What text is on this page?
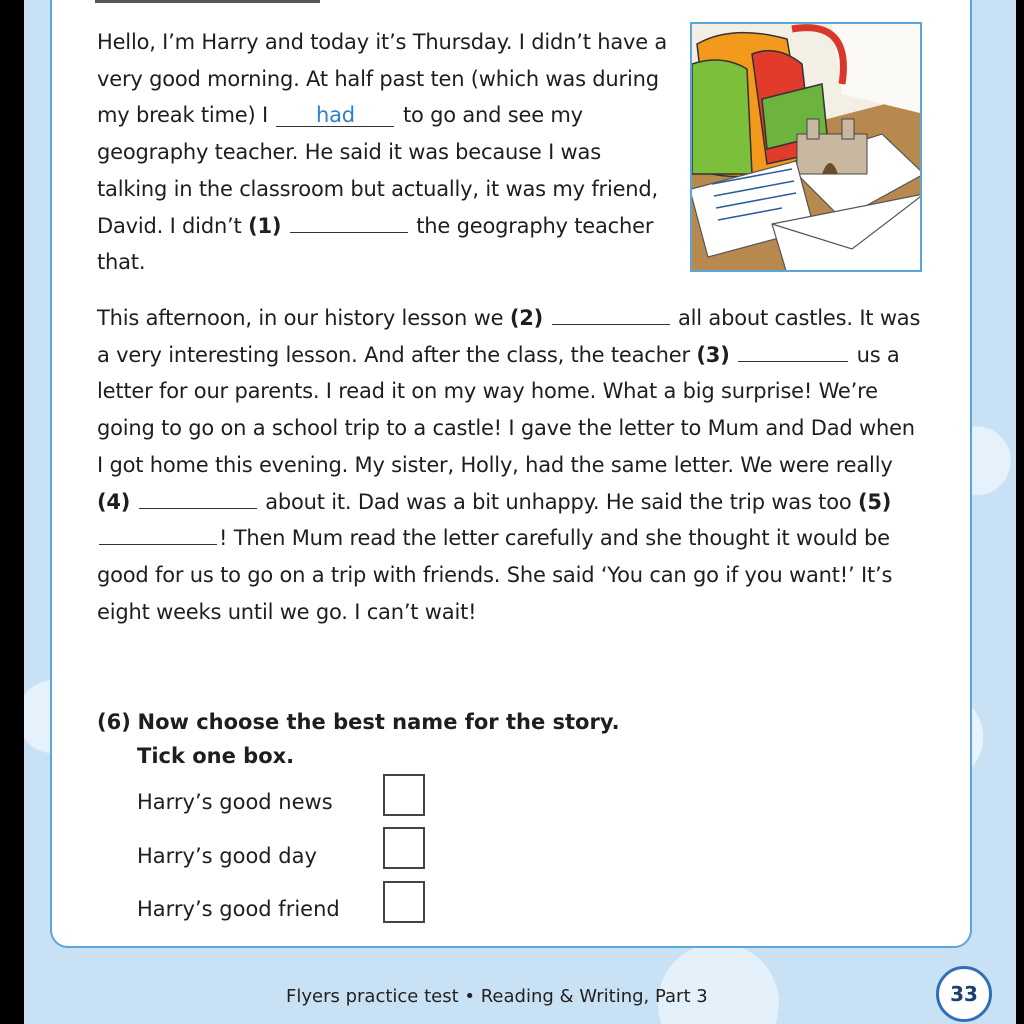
Hello, I’m Harry and today it’s Thursday. I didn’t have a very good morning. At half past ten (which was during my break time) I had to go and see my geography teacher. He said it was because I was talking in the classroom but actually, it was my friend, David. I didn’t (1)	the geography teacher that.
This afternoon, in our history lesson we (2)	all about castles. It was a very interesting lesson. And after the class, the teacher (3)	us a letter for our parents. I read it on my way home. What a big surprise! We’re going to go on a school trip to a castle! I gave the letter to Mum and Dad when I got home this evening. My sister, Holly, had the same letter. We were really (4)	about it. Dad was a bit unhappy. He said the trip was too (5) ! Then Mum read the letter carefully and she thought it would be good for us to go on a trip with friends. She said ‘You can go if you want!’ It’s eight weeks until we go. I can’t wait!
(6) Now choose the best name for the story.
Tick one box.
Harry’s good news
Harry’s good day
Harry’s good friend
Flyers practice test • Reading & Writing, Part 3	33
